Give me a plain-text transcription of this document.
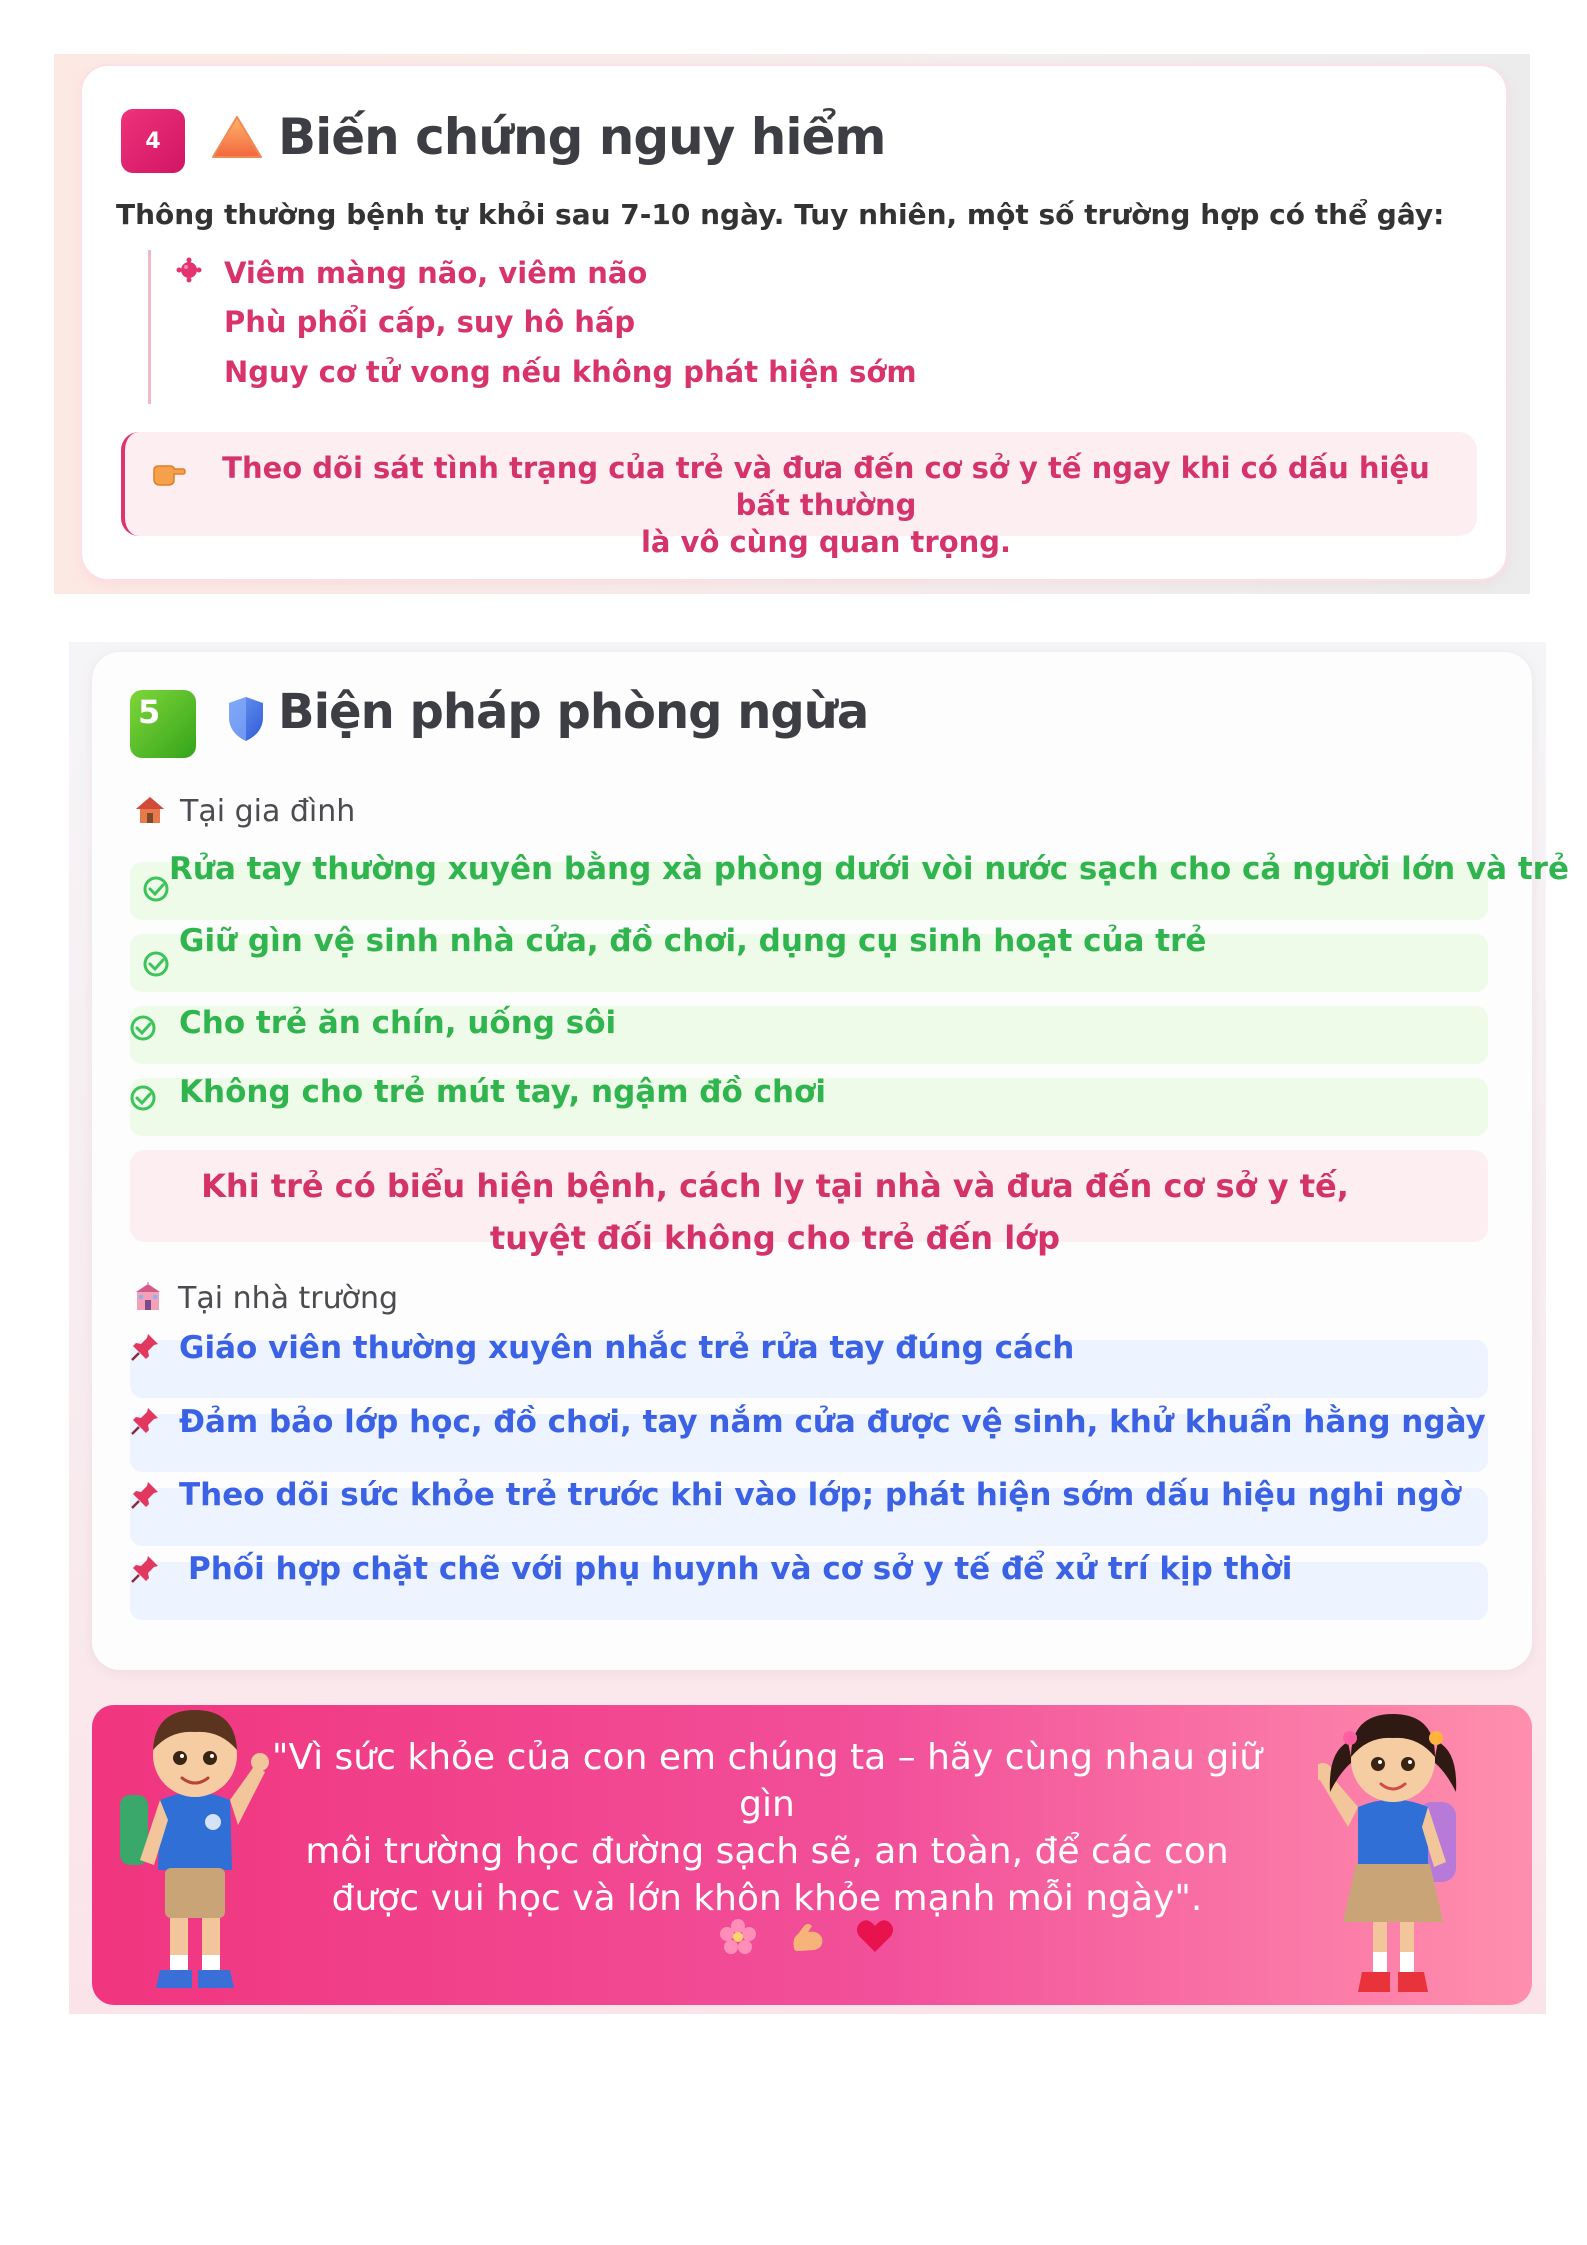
4	Biến chứng nguy hiểm
Thông thường bệnh tự khỏi sau 7-10 ngày. Tuy nhiên, một số trường hợp có thể gây:
Viêm màng não, viêm não
Phù phổi cấp, suy hô hấp
Nguy cơ tử vong nếu không phát hiện sớm
Theo dõi sát tình trạng của trẻ và đưa đến cơ sở y tế ngay khi có dấu hiệu bất thường
là vô cùng quan trọng.
5	Biện pháp phòng ngừa
Tại gia đình
Rửa tay thường xuyên bằng xà phòng dưới vòi nước sạch cho cả người lớn và trẻ
Giữ gìn vệ sinh nhà cửa, đồ chơi, dụng cụ sinh hoạt của trẻ
Cho trẻ ăn chín, uống sôi
Không cho trẻ mút tay, ngậm đồ chơi
Khi trẻ có biểu hiện bệnh, cách ly tại nhà và đưa đến cơ sở y tế,
tuyệt đối không cho trẻ đến lớp
Tại nhà trường
Giáo viên thường xuyên nhắc trẻ rửa tay đúng cách
Đảm bảo lớp học, đồ chơi, tay nắm cửa được vệ sinh, khử khuẩn hằng ngày
Theo dõi sức khỏe trẻ trước khi vào lớp; phát hiện sớm dấu hiệu nghi ngờ
Phối hợp chặt chẽ với phụ huynh và cơ sở y tế để xử trí kịp thời
"Vì sức khỏe của con em chúng ta – hãy cùng nhau giữ gìn
môi trường học đường sạch sẽ, an toàn, để các con
được vui học và lớn khôn khỏe mạnh mỗi ngày".
